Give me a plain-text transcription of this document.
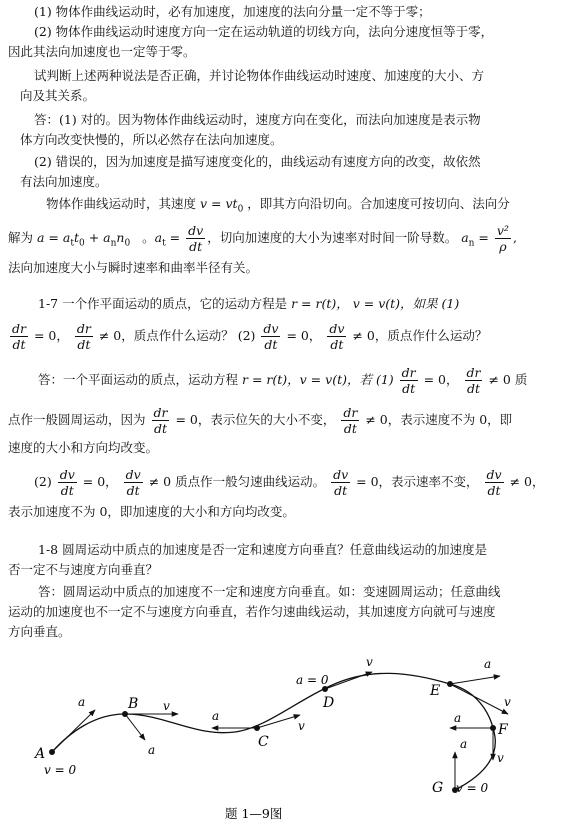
(1) 物体作曲线运动时，必有加速度，加速度的法向分量一定不等于零；
(2) 物体作曲线运动时速度方向一定在运动轨道的切线方向，法向分速度恒等于零，
因此其法向加速度也一定等于零。
试判断上述两种说法是否正确，并讨论物体作曲线运动时速度、加速度的大小、方
向及其关系。
答：(1) 对的。因为物体作曲线运动时，速度方向在变化，而法向加速度是表示物
体方向改变快慢的，所以必然存在法向加速度。
(2) 错误的，因为加速度是描写速度变化的，曲线运动有速度方向的改变，故依然
有法向加速度。
物体作曲线运动时，其速度 $v = vt_0$ ，即其方向沿切向。合加速度可按切向、法向分
解为 $a = a_tt_0 + a_nn_0$   。$a_t = \frac{dv}{dt}$ ，切向加速度的大小为速率对时间一阶导数。 $a_n = \frac{\text{v²}}{\rho}$ ,
法向加速度大小与瞬时速率和曲率半径有关。
1-7 一个作平面运动的质点，它的运动方程是 r = r(t)， v = v(t)，如果 (1)
$\frac{dr}{dt} = 0$， $\frac{dr}{dt} \ne 0$，质点作什么运动？ $(2) \frac{dv}{dt} = 0$， $\frac{dv}{dt} \ne 0$，质点作什么运动？
答：一个平面运动的质点，运动方程 r = r(t)，v = v(t)，若 $(1) \frac{dr}{dt} = 0$， $\frac{dr}{dt} \ne 0$ 质
点作一般圆周运动，因为 $\frac{dr}{dt} = 0$，表示位矢的大小不变， $\frac{dr}{dt} \ne 0$，表示速度不为 0，即
速度的大小和方向均改变。
$(2) \frac{dv}{dt} = 0$， $\frac{dv}{dt} \ne 0$ 质点作一般匀速曲线运动。 $\frac{dv}{dt} = 0$，表示速率不变， $\frac{dv}{dt} \ne 0$，
表示加速度不为 0，即加速度的大小和方向均改变。
1-8 圆周运动中质点的加速度是否一定和速度方向垂直？任意曲线运动的加速度是
否一定不与速度方向垂直？
答：圆周运动中质点的加速度不一定和速度方向垂直。如：变速圆周运动；任意曲线
运动的加速度也不一定不与速度方向垂直，若作匀速曲线运动，其加速度方向就可与速度
方向垂直。
A
v = 0
B
C
D
a = 0
E
F
G v = 0
a	v
a
a
v
v	a
v
a
v
a
题 1—9图
